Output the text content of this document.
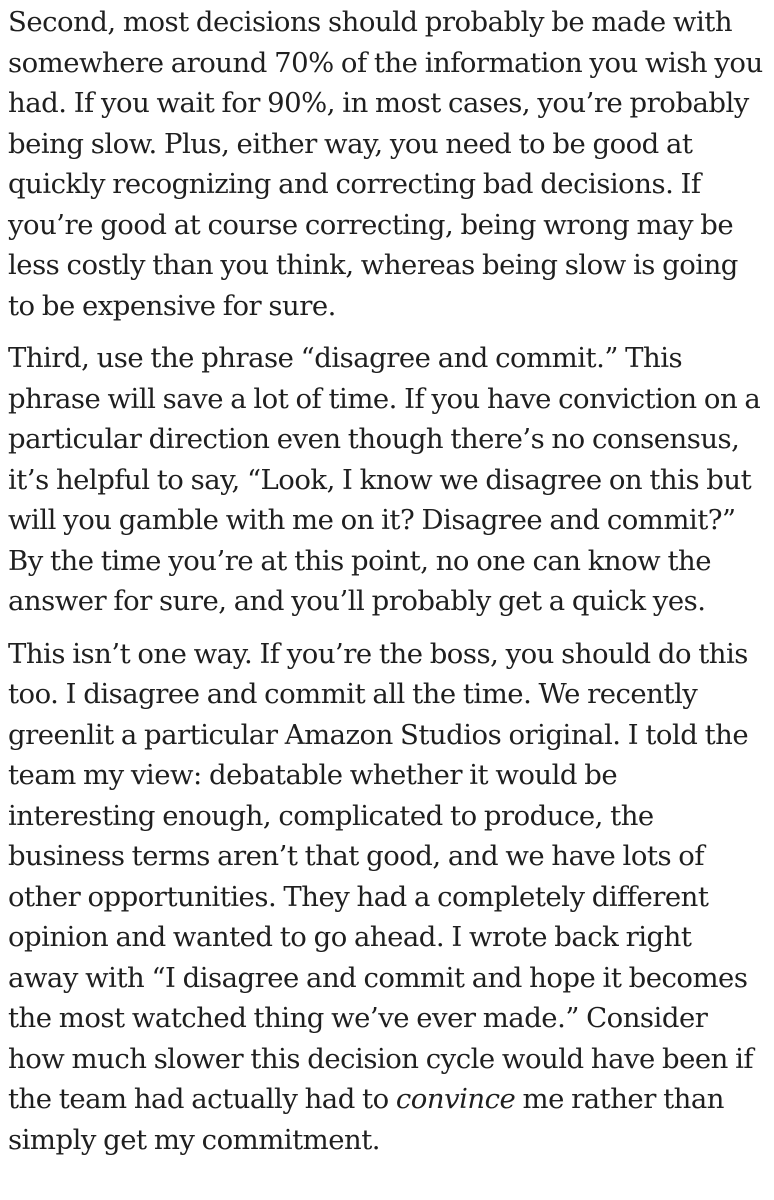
Second, most decisions should probably be made with somewhere around 70% of the information you wish you had. If you wait for 90%, in most cases, you’re probably being slow. Plus, either way, you need to be good at quickly recognizing and correcting bad decisions. If you’re good at course correcting, being wrong may be less costly than you think, whereas being slow is going to be expensive for sure.

Third, use the phrase “disagree and commit.” This phrase will save a lot of time. If you have conviction on a particular direction even though there’s no consensus, it’s helpful to say, “Look, I know we disagree on this but will you gamble with me on it? Disagree and commit?” By the time you’re at this point, no one can know the answer for sure, and you’ll probably get a quick yes.

This isn’t one way. If you’re the boss, you should do this too. I disagree and commit all the time. We recently greenlit a particular Amazon Studios original. I told the team my view: debatable whether it would be interesting enough, complicated to produce, the business terms aren’t that good, and we have lots of other opportunities. They had a completely different opinion and wanted to go ahead. I wrote back right away with “I disagree and commit and hope it becomes the most watched thing we’ve ever made.” Consider how much slower this decision cycle would have been if the team had actually had to convince me rather than simply get my commitment.
